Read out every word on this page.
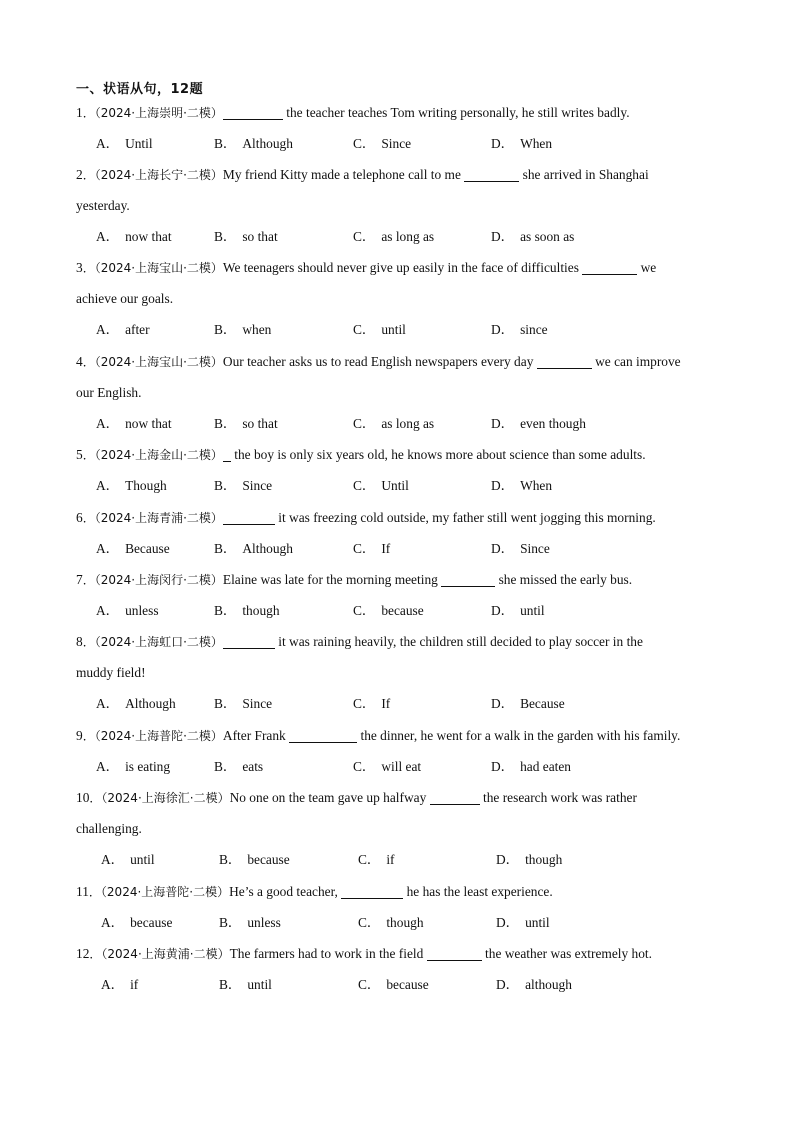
一、状语从句，12题
1．（2024·上海崇明·二模）	the teacher teaches Tom writing personally, he still writes badly.
A． Until	B． Although	C． Since	D． When
2．（2024·上海长宁·二模）My friend Kitty made a telephone call to me	she arrived in Shanghai
yesterday.
A． now that	B． so that	C． as long as	D． as soon as
3．（2024·上海宝山·二模）We teenagers should never give up easily in the face of difficulties	we
achieve our goals.
A． after	B． when	C． until	D． since
4．（2024·上海宝山·二模）Our teacher asks us to read English newspapers every day	we can improve
our English.
A． now that	B． so that	C． as long as	D． even though
5．（2024·上海金山·二模） the boy is only six years old, he knows more about science than some adults.
A． Though	B． Since	C． Until	D． When
6．（2024·上海青浦·二模）	it was freezing cold outside, my father still went jogging this morning.
A． Because	B． Although	C． If	D． Since
7．（2024·上海闵行·二模）Elaine was late for the morning meeting	she missed the early bus.
A． unless	B． though	C． because	D． until
8．（2024·上海虹口·二模）	it was raining heavily, the children still decided to play soccer in the
muddy field!
A． Although	B． Since	C． If	D． Because
9．（2024·上海普陀·二模）After Frank	the dinner, he went for a walk in the garden with his family.
A． is eating	B． eats	C． will eat	D． had eaten
10．（2024·上海徐汇·二模）No one on the team gave up halfway	the research work was rather
challenging.
A． until	B． because	C． if	D． though
11．（2024·上海普陀·二模）He’s a good teacher,	he has the least experience.
A． because	B． unless	C． though	D． until
12．（2024·上海黄浦·二模）The farmers had to work in the field	the weather was extremely hot.
A． if	B． until	C． because	D． although
